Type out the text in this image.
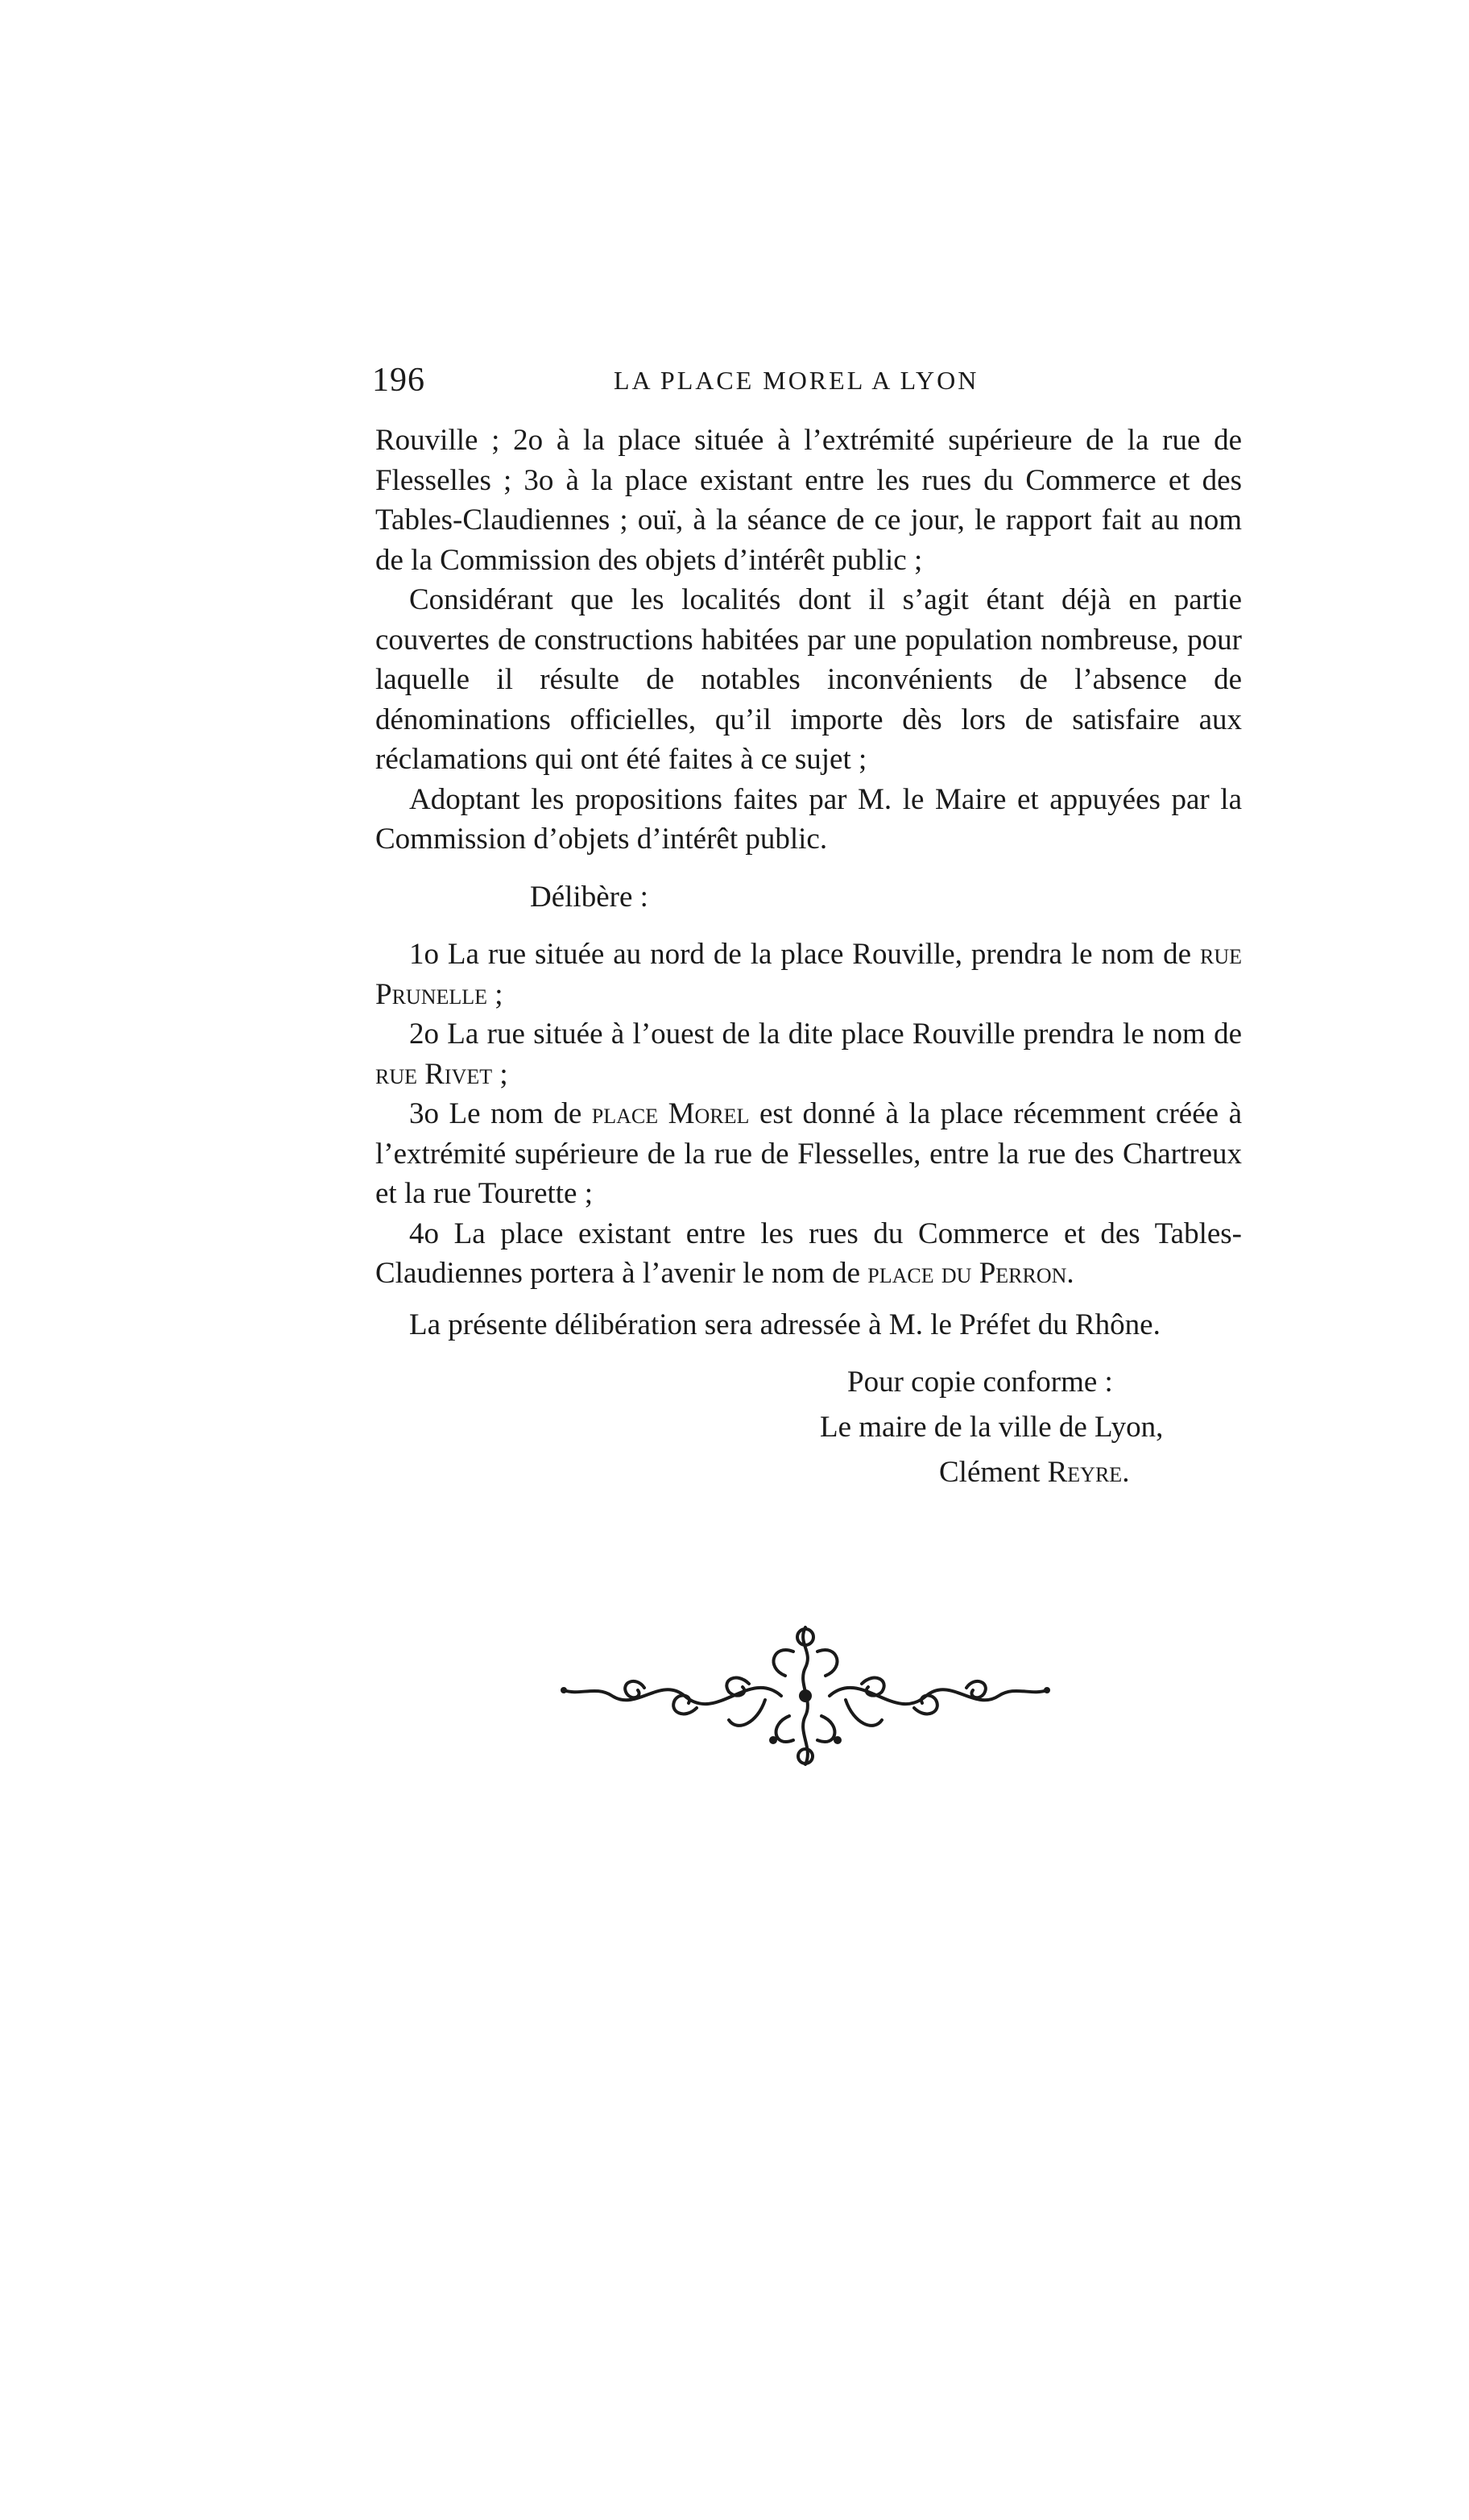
196	LA PLACE MOREL A LYON

Rouville ; 2o à la place située à l’extrémité supérieure de la rue de Flesselles ; 3o à la place existant entre les rues du Commerce et des Tables-Claudiennes ; ouï, à la séance de ce jour, le rapport fait au nom de la Commission des objets d’intérêt public ;

Considérant que les localités dont il s’agit étant déjà en partie couvertes de constructions habitées par une population nombreuse, pour laquelle il résulte de notables inconvénients de l’absence de dénominations officielles, qu’il importe dès lors de satisfaire aux réclamations qui ont été faites à ce sujet ;

Adoptant les propositions faites par M. le Maire et appuyées par la Commission d’objets d’intérêt public.

Délibère :

1o La rue située au nord de la place Rouville, prendra le nom de rue Prunelle ;

2o La rue située à l’ouest de la dite place Rouville prendra le nom de rue Rivet ;

3o Le nom de place Morel est donné à la place récemment créée à l’extrémité supérieure de la rue de Flesselles, entre la rue des Chartreux et la rue Tourette ;

4o La place existant entre les rues du Commerce et des Tables-Claudiennes portera à l’avenir le nom de place du Perron.

La présente délibération sera adressée à M. le Préfet du Rhône.

Pour copie conforme :
Le maire de la ville de Lyon,
Clément Reyre.
